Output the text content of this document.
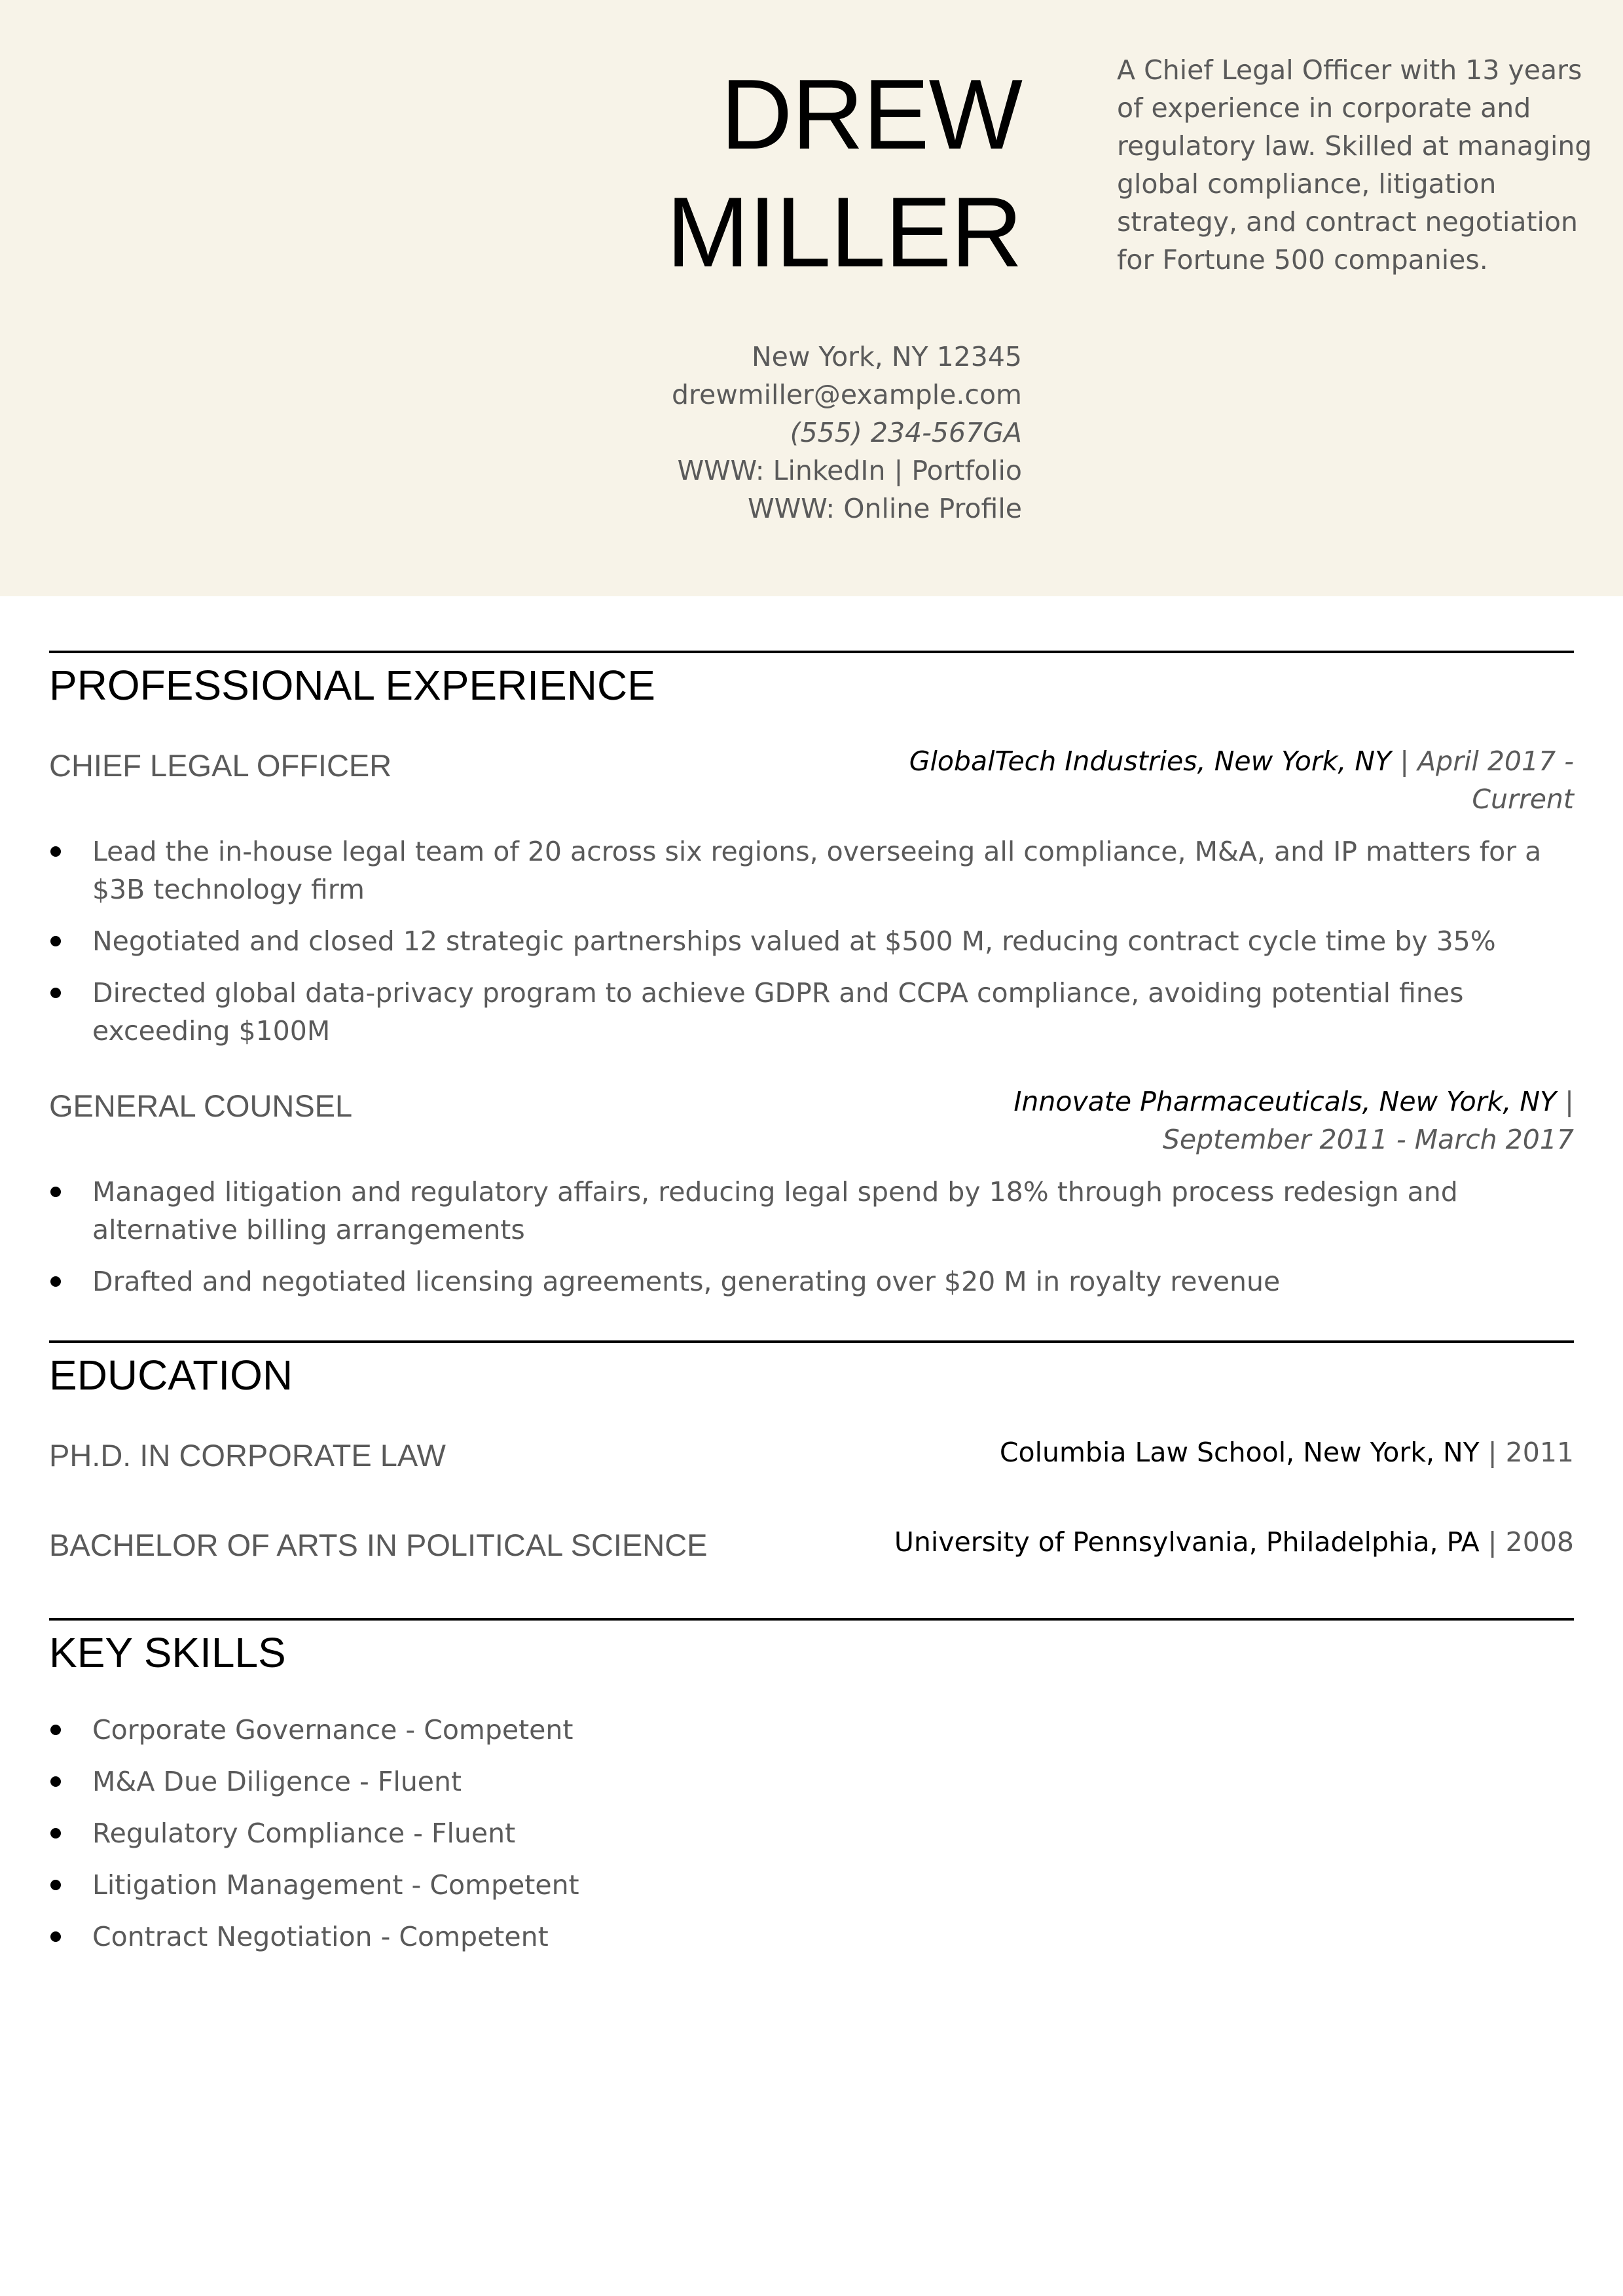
DREW
MILLER
New York, NY 12345
drewmiller@example.com
(555) 234-567GA
WWW: LinkedIn | Portfolio
WWW: Online Profile
A Chief Legal Officer with 13 years of experience in corporate and regulatory law. Skilled at managing global compliance, litigation strategy, and contract negotiation for Fortune 500 companies.
PROFESSIONAL EXPERIENCE
CHIEF LEGAL OFFICER	GlobalTech Industries, New York, NY | April 2017 - Current
Lead the in-house legal team of 20 across six regions, overseeing all compliance, M&A, and IP matters for a $3B technology firm
Negotiated and closed 12 strategic partnerships valued at $500 M, reducing contract cycle time by 35%
Directed global data-privacy program to achieve GDPR and CCPA compliance, avoiding potential fines exceeding $100M
GENERAL COUNSEL	Innovate Pharmaceuticals, New York, NY | September 2011 - March 2017
Managed litigation and regulatory affairs, reducing legal spend by 18% through process redesign and alternative billing arrangements
Drafted and negotiated licensing agreements, generating over $20 M in royalty revenue
EDUCATION
PH.D. IN CORPORATE LAW	Columbia Law School, New York, NY | 2011
BACHELOR OF ARTS IN POLITICAL SCIENCE	University of Pennsylvania, Philadelphia, PA | 2008
KEY SKILLS
Corporate Governance - Competent
M&A Due Diligence - Fluent
Regulatory Compliance - Fluent
Litigation Management - Competent
Contract Negotiation - Competent
